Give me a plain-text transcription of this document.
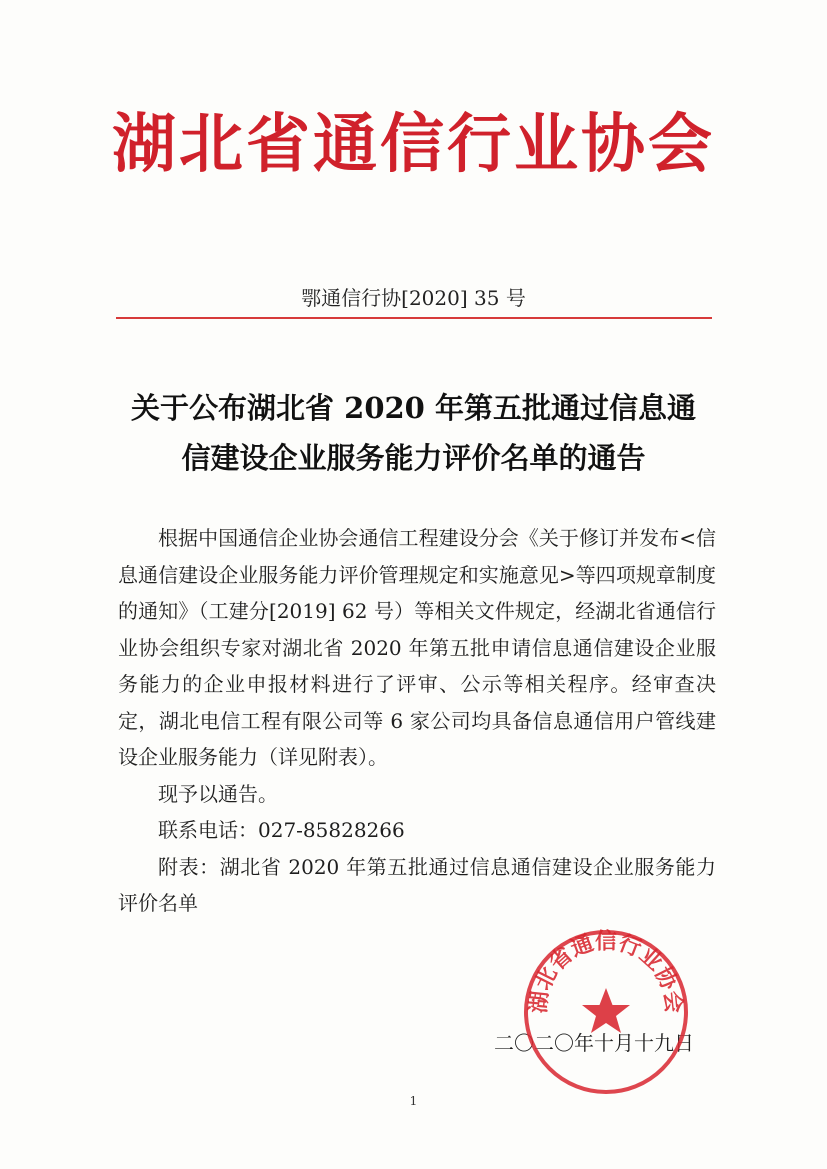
湖北省通信行业协会
鄂通信行协[2020] 35 号
关于公布湖北省 2020 年第五批通过信息通
信建设企业服务能力评价名单的通告

根据中国通信企业协会通信工程建设分会《关于修订并发布<信息通信建设企业服务能力评价管理规定和实施意见>等四项规章制度的通知》（工建分[2019] 62 号）等相关文件规定，经湖北省通信行业协会组织专家对湖北省 2020 年第五批申请信息通信建设企业服务能力的企业申报材料进行了评审、公示等相关程序。经审查决定，湖北电信工程有限公司等 6 家公司均具备信息通信用户管线建设企业服务能力（详见附表）。

现予以通告。

联系电话：027-85828266

附表：湖北省 2020 年第五批通过信息通信建设企业服务能力评价名单

二〇二〇年十月十九日
湖北省通信行业协会
1
